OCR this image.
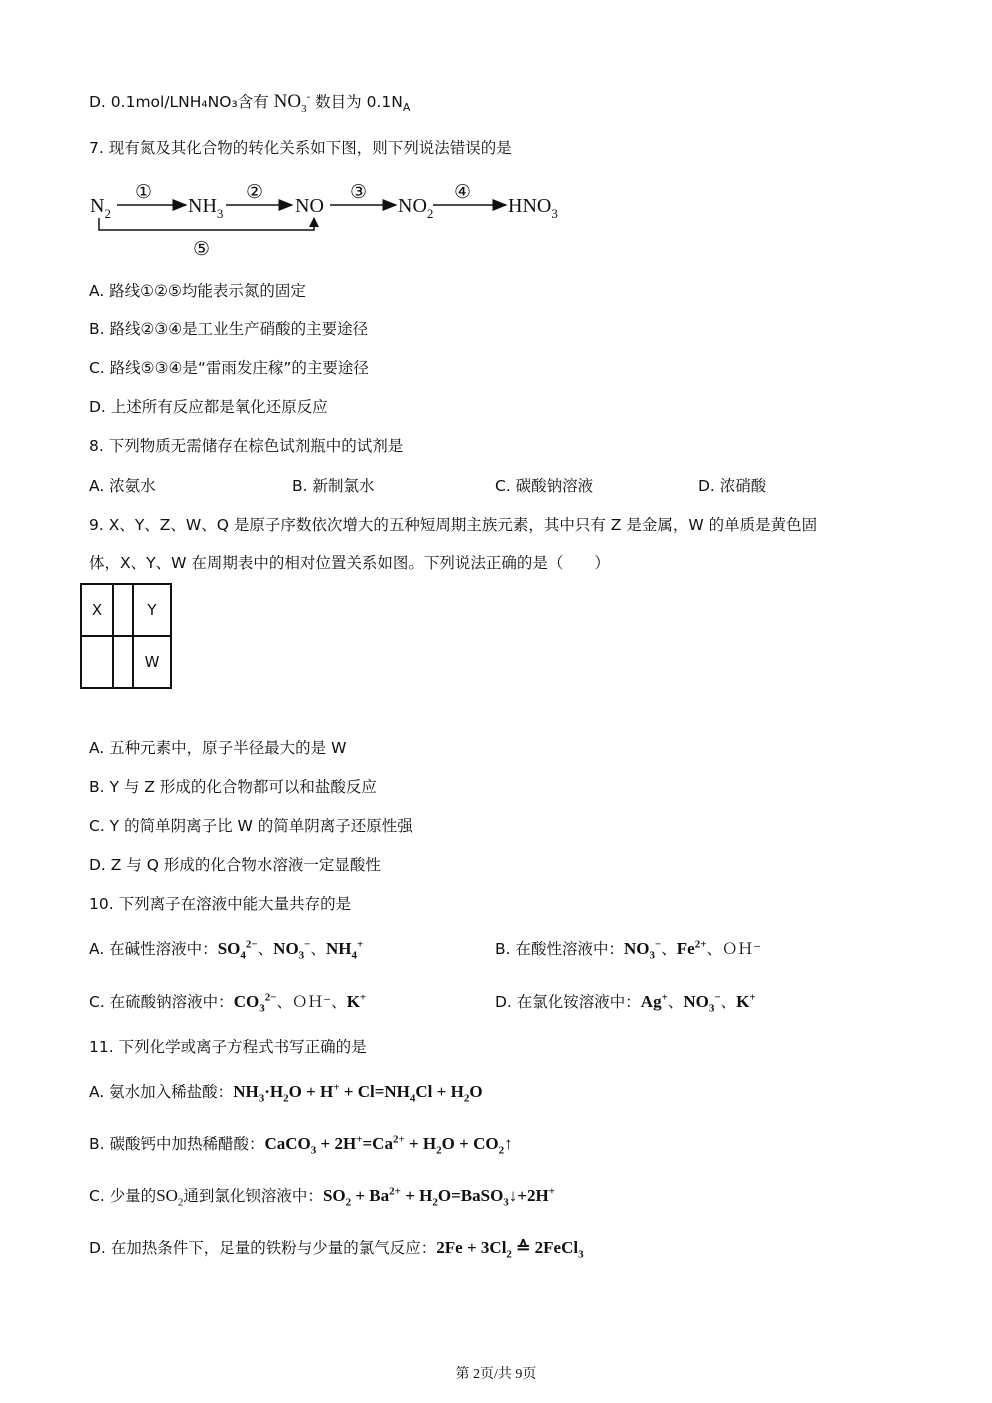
D. 0.1mol/LNH₄NO₃含有 $NO_3^-$ 数目为 $0.1N_A$
7. 现有氮及其化合物的转化关系如下图，则下列说法错误的是
$N_2$	$NH_3$	NO	$NO_2$	$HNO_3$
①	②	③	④
⑤
A. 路线①②⑤均能表示氮的固定
B. 路线②③④是工业生产硝酸的主要途径
C. 路线⑤③④是“雷雨发庄稼”的主要途径
D. 上述所有反应都是氧化还原反应
8. 下列物质无需储存在棕色试剂瓶中的试剂是
A. 浓氨水	B. 新制氯水	C. 碳酸钠溶液	D. 浓硝酸
9. X、Y、Z、W、Q 是原子序数依次增大的五种短周期主族元素，其中只有 Z 是金属，W 的单质是黄色固
体，X、Y、W 在周期表中的相对位置关系如图。下列说法正确的是（　　）
X		Y
		W
A. 五种元素中，原子半径最大的是 W
B. Y 与 Z 形成的化合物都可以和盐酸反应
C. Y 的简单阴离子比 W 的简单阴离子还原性强
D. Z 与 Q 形成的化合物水溶液一定显酸性
10. 下列离子在溶液中能大量共存的是
A. 在碱性溶液中：$SO_4^{2-}$、$NO_3^-$、$NH_4^+$	B. 在酸性溶液中：$NO_3^-$、$Fe^{2+}$、ＯＨ⁻
C. 在硫酸钠溶液中：$CO_3^{2-}$、ＯＨ⁻、K+	D. 在氯化铵溶液中：Ag+、$NO_3^-$、K+
11. 下列化学或离子方程式书写正确的是
A. 氨水加入稀盐酸：$NH_3\cdot H_2O + H^+ + Cl=NH_4Cl + H_2O$
B. 碳酸钙中加热稀醋酸：CaCO$_3$ + $2H^+=Ca^{2+} + H_2O$ + $CO_2↑$
C. 少量的$SO_2$通到氯化钡溶液中：$SO_2 + Ba^{2+}$ + $H_2O=BaSO_3↓+2H^+$
D. 在加热条件下，足量的铁粉与少量的氯气反应：$2Fe + 3Cl_2$ ≙ 2FeCl$_3$
第 2页/共 9页
